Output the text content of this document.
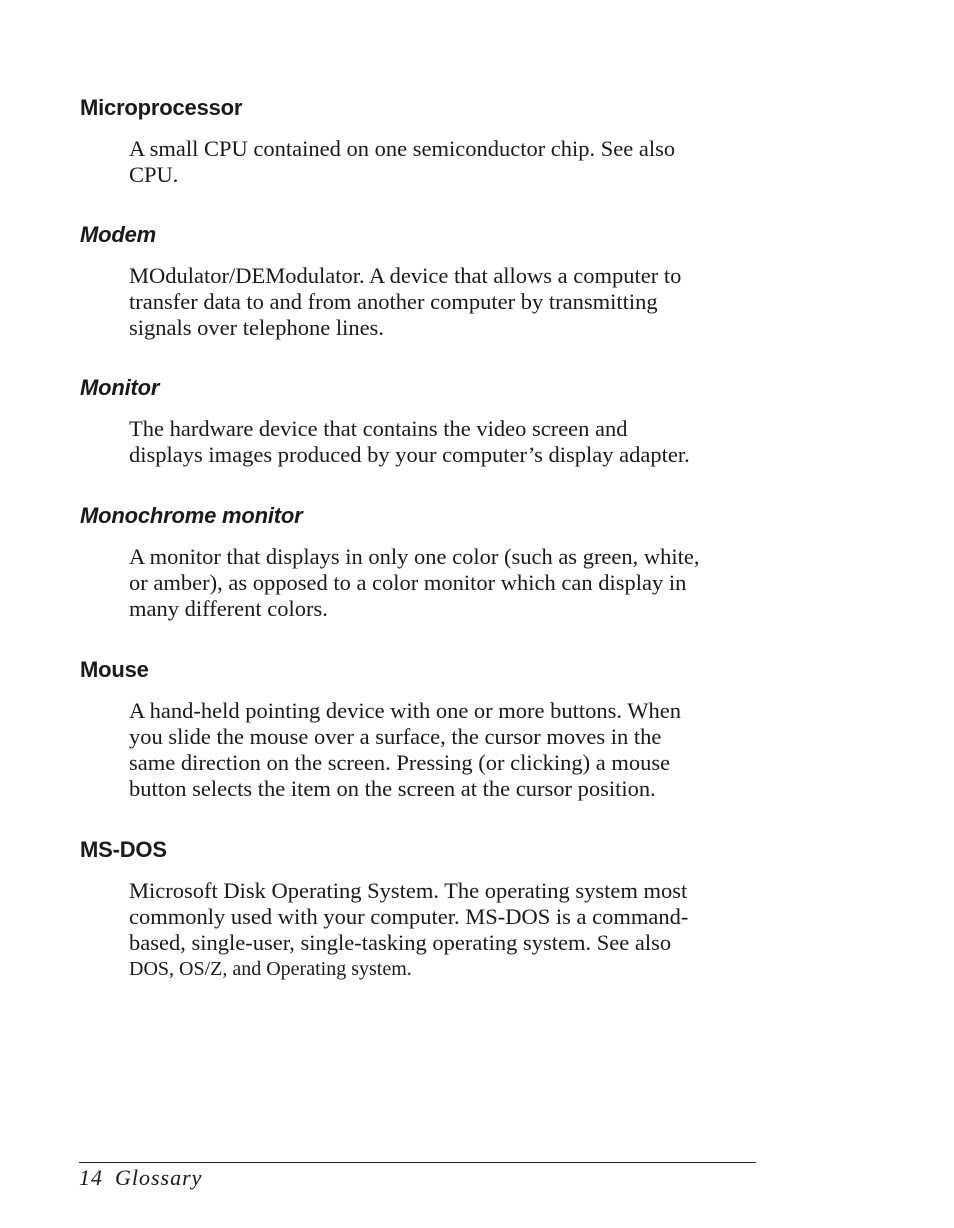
Microprocessor
A small CPU contained on one semiconductor chip. See also
CPU.
Modem
MOdulator/DEModulator. A device that allows a computer to
transfer data to and from another computer by transmitting
signals over telephone lines.
Monitor
The hardware device that contains the video screen and
displays images produced by your computer’s display adapter.
Monochrome monitor
A monitor that displays in only one color (such as green, white,
or amber), as opposed to a color monitor which can display in
many different colors.
Mouse
A hand-held pointing device with one or more buttons. When
you slide the mouse over a surface, the cursor moves in the
same direction on the screen. Pressing (or clicking) a mouse
button selects the item on the screen at the cursor position.
MS-DOS
Microsoft Disk Operating System. The operating system most
commonly used with your computer. MS-DOS is a command-
based, single-user, single-tasking operating system. See also
DOS, OS/Z, and Operating system.
14 Glossary
